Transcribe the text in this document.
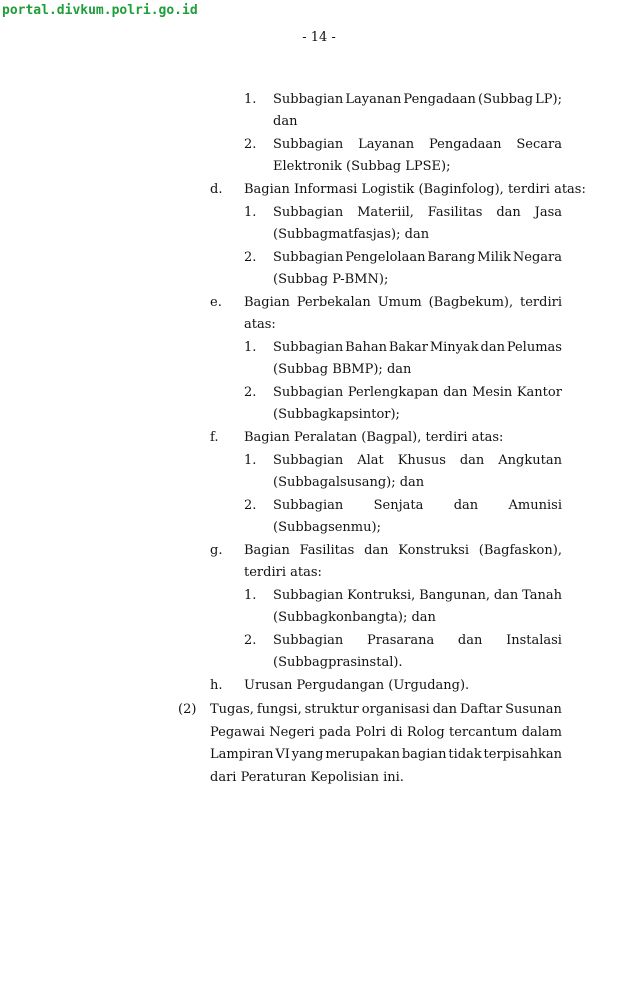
portal.divkum.polri.go.id
- 14 -
1. Subbagian Layanan Pengadaan (Subbag LP);
dan
2. Subbagian Layanan Pengadaan Secara
Elektronik (Subbag LPSE);
d. Bagian Informasi Logistik (Baginfolog), terdiri atas:
1. Subbagian Materiil, Fasilitas dan Jasa
(Subbagmatfasjas); dan
2. Subbagian Pengelolaan Barang Milik Negara
(Subbag P-BMN);
e. Bagian Perbekalan Umum (Bagbekum), terdiri
atas:
1. Subbagian Bahan Bakar Minyak dan Pelumas
(Subbag BBMP); dan
2. Subbagian Perlengkapan dan Mesin Kantor
(Subbagkapsintor);
f. Bagian Peralatan (Bagpal), terdiri atas:
1. Subbagian Alat Khusus dan Angkutan
(Subbagalsusang); dan
2. Subbagian Senjata dan Amunisi
(Subbagsenmu);
g. Bagian Fasilitas dan Konstruksi (Bagfaskon),
terdiri atas:
1. Subbagian Kontruksi, Bangunan, dan Tanah
(Subbagkonbangta); dan
2. Subbagian Prasarana dan Instalasi
(Subbagprasinstal).
h. Urusan Pergudangan (Urgudang).
(2) Tugas, fungsi, struktur organisasi dan Daftar Susunan
Pegawai Negeri pada Polri di Rolog tercantum dalam
Lampiran VI yang merupakan bagian tidak terpisahkan
dari Peraturan Kepolisian ini.
